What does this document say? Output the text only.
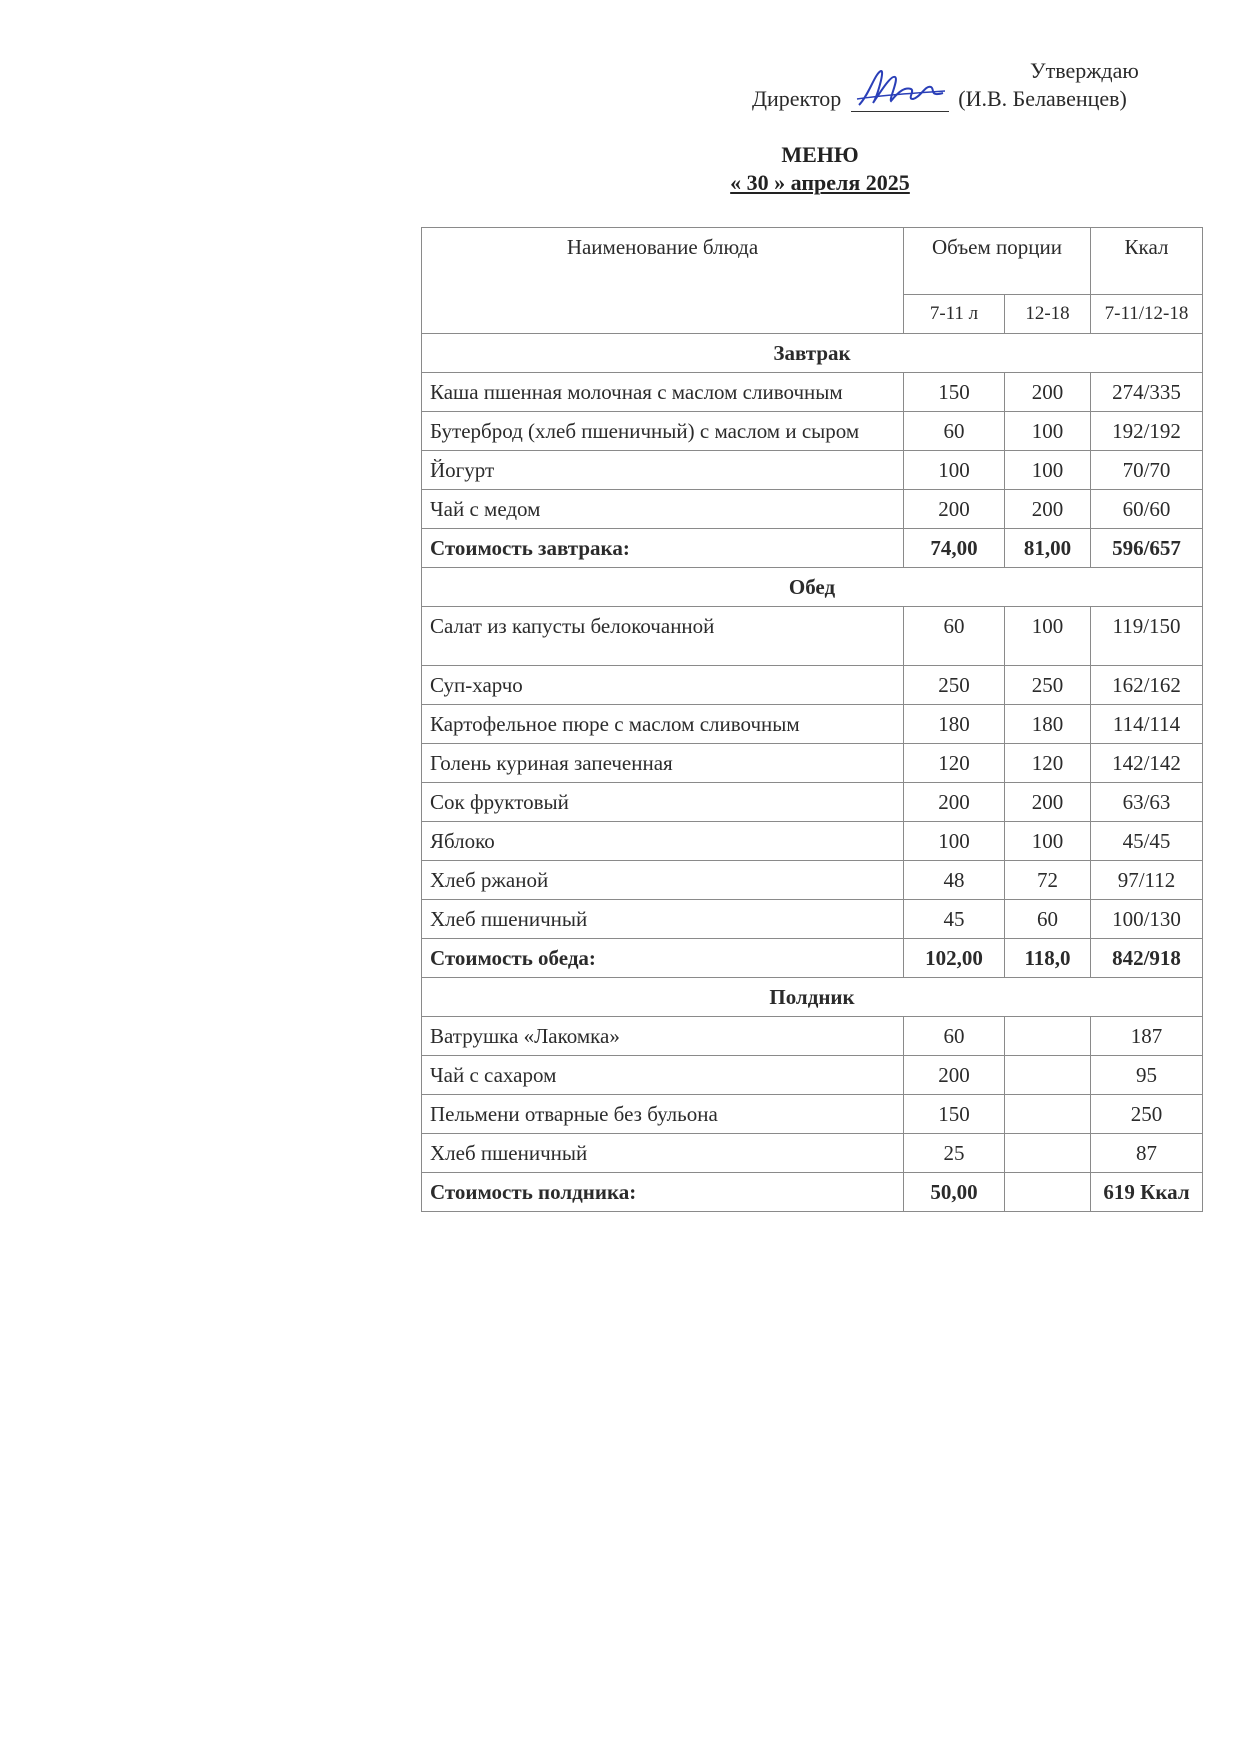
Утверждаю
Директор	(И.В. Белавенцев)
МЕНЮ
« 30 » апреля 2025
Наименование блюда	Объем порции		Ккал
	7-11 л	12-18	7-11/12-18
Завтрак			
Каша пшенная молочная с маслом сливочным	150	200	274/335
Бутерброд (хлеб пшеничный) с маслом и сыром	60	100	192/192
Йогурт	100	100	70/70
Чай с медом	200	200	60/60
Стоимость завтрака:	74,00	81,00	596/657
Обед			
Салат из капусты белокочанной	60	100	119/150
Суп-харчо	250	250	162/162
Картофельное пюре с маслом сливочным	180	180	114/114
Голень куриная запеченная	120	120	142/142
Сок фруктовый	200	200	63/63
Яблоко	100	100	45/45
Хлеб ржаной	48	72	97/112
Хлеб пшеничный	45	60	100/130
Стоимость обеда:	102,00	118,0	842/918
Полдник			
Ватрушка «Лакомка»	60		187
Чай с сахаром	200		95
Пельмени отварные без бульона	150		250
Хлеб пшеничный	25		87
Стоимость полдника:	50,00		619 Ккал
